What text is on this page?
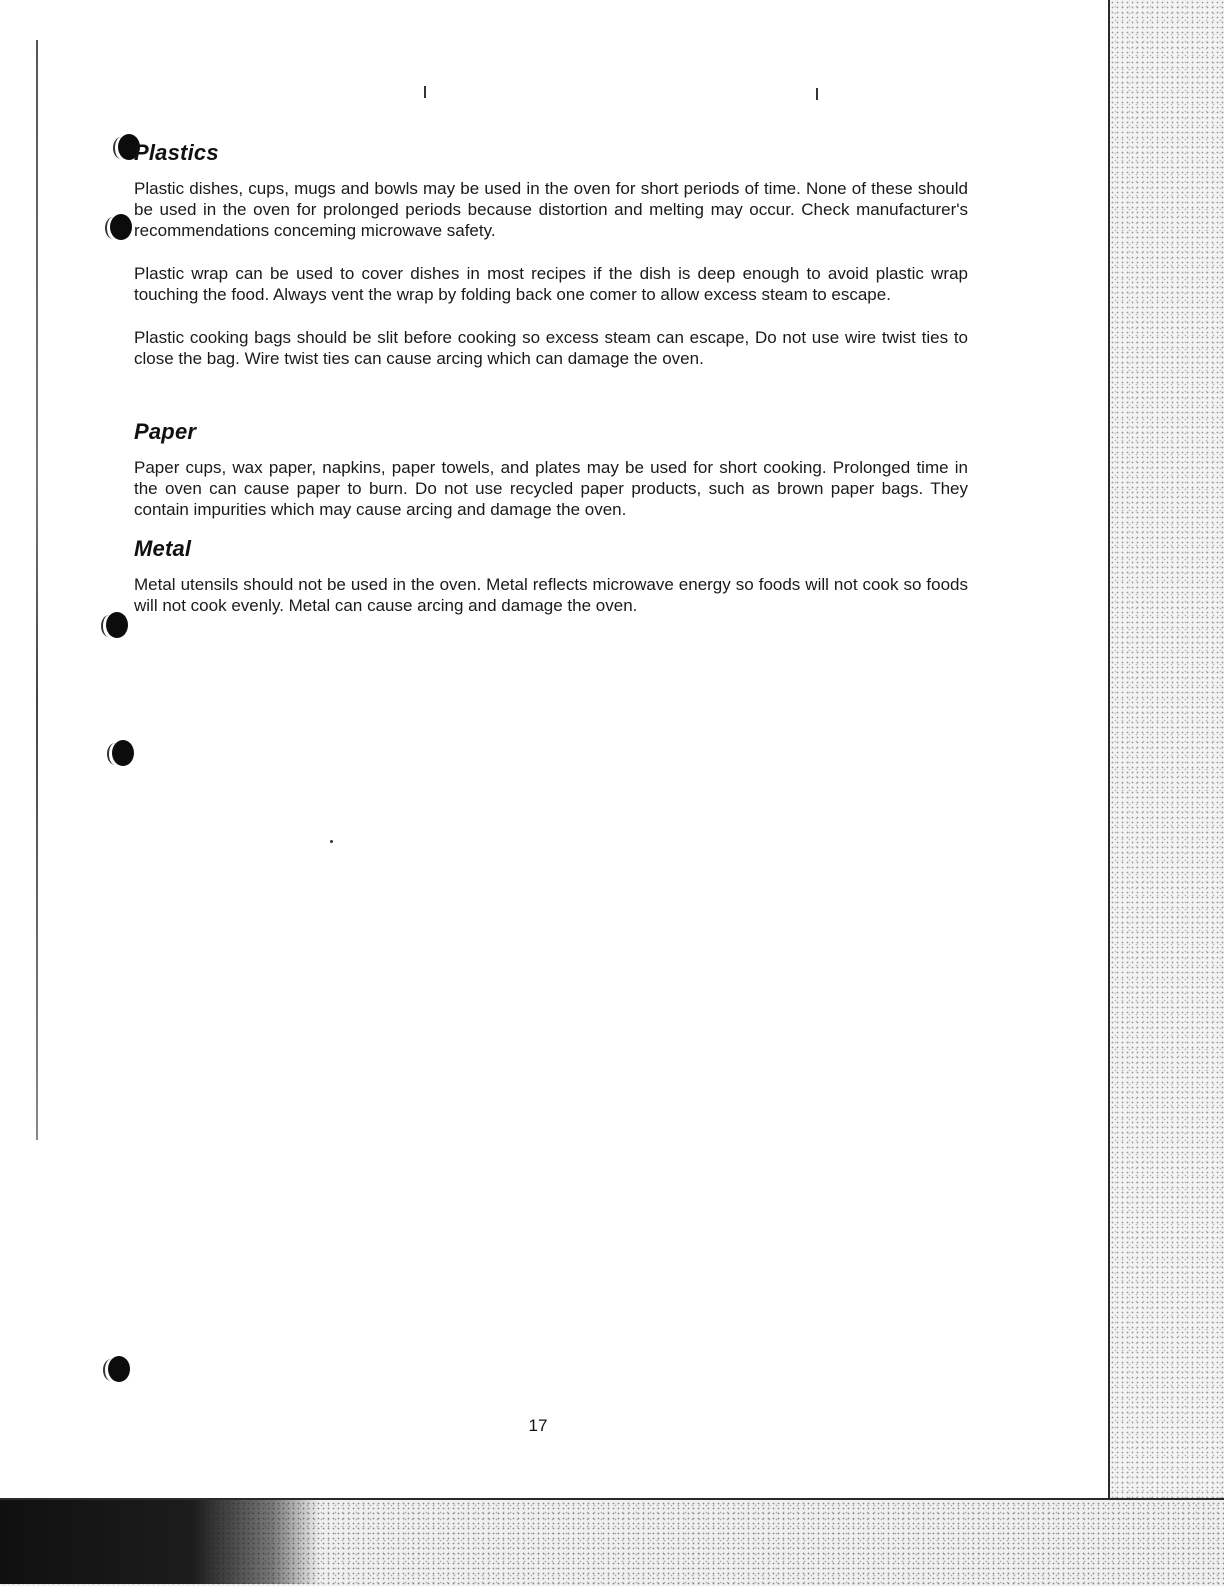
Plastics

Plastic dishes, cups, mugs and bowls may be used in the oven for short periods of time. None of these should be used in the oven for prolonged periods because distortion and melting may occur. Check manufacturer's recommendations conceming microwave safety.

Plastic wrap can be used to cover dishes in most recipes if the dish is deep enough to avoid plastic wrap touching the food. Always vent the wrap by folding back one comer to allow excess steam to escape.

Plastic cooking bags should be slit before cooking so excess steam can escape, Do not use wire twist ties to close the bag. Wire twist ties can cause arcing which can damage the oven.

Paper

Paper cups, wax paper, napkins, paper towels, and plates may be used for short cooking. Prolonged time in the oven can cause paper to burn. Do not use recycled paper products, such as brown paper bags. They contain impurities which may cause arcing and damage the oven.

Metal

Metal utensils should not be used in the oven. Metal reflects microwave energy so foods will not cook so foods will not cook evenly. Metal can cause arcing and damage the oven.

17
